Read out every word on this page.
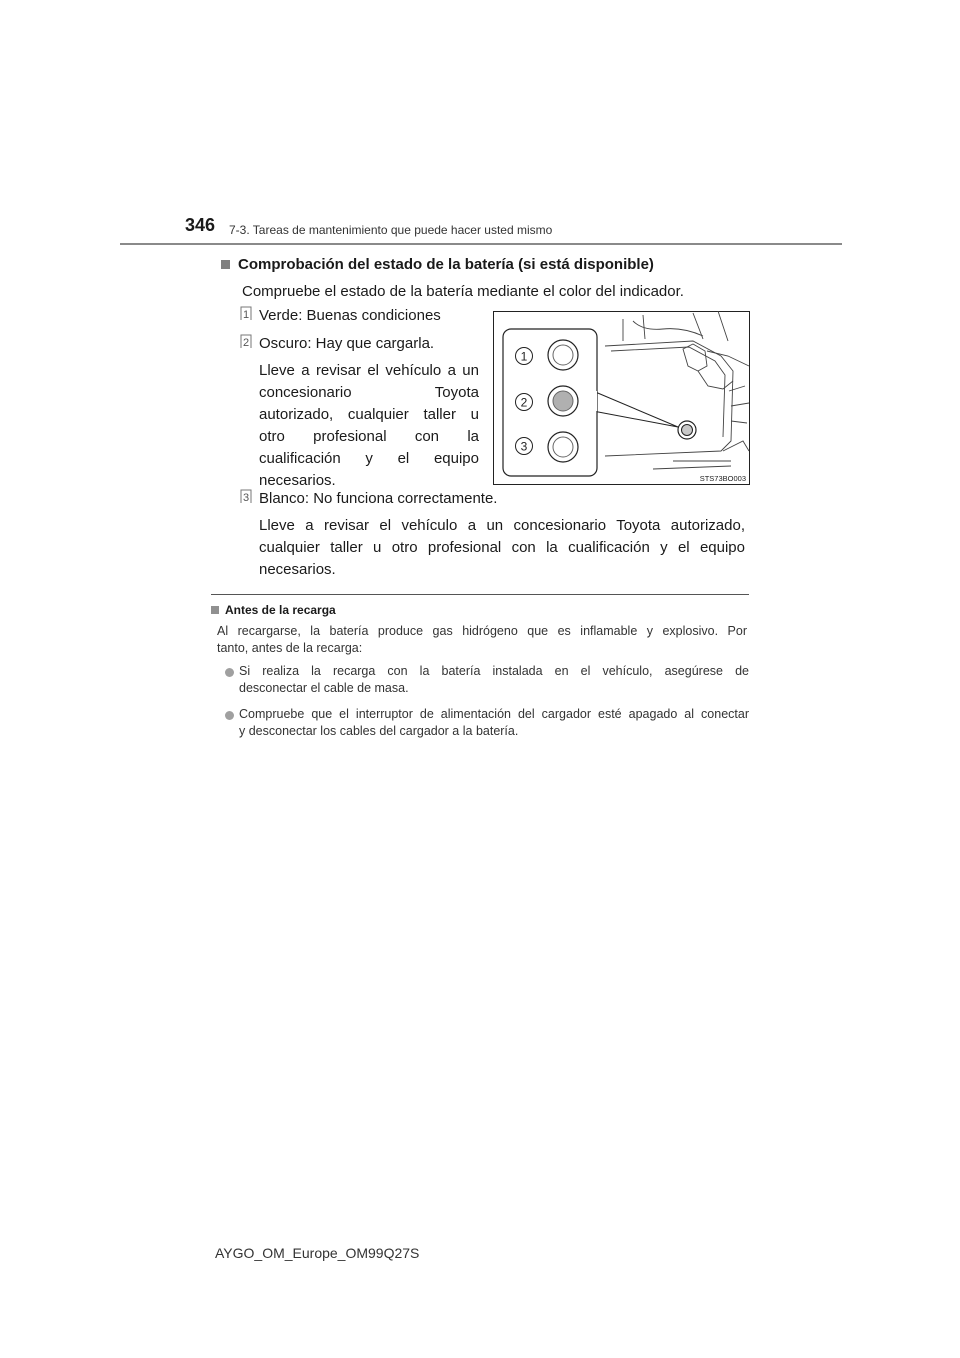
346 7-3. Tareas de mantenimiento que puede hacer usted mismo
Comprobación del estado de la batería (si está disponible)
Compruebe el estado de la batería mediante el color del indicador.
1 Verde: Buenas condiciones
2 Oscuro: Hay que cargarla.
Lleve a revisar el vehículo a un
concesionario Toyota
autorizado, cualquier taller u
otro profesional con la
cualificación y el equipo
necesarios.
3 Blanco: No funciona correctamente.
Lleve a revisar el vehículo a un concesionario Toyota autorizado,
cualquier taller u otro profesional con la cualificación y el equipo
necesarios.
1
2
3
STS73BO003
Antes de la recarga
Al recargarse, la batería produce gas hidrógeno que es inflamable y explosivo. Por
tanto, antes de la recarga:
Si realiza la recarga con la batería instalada en el vehículo, asegúrese de
desconectar el cable de masa.
Compruebe que el interruptor de alimentación del cargador esté apagado al conectar
y desconectar los cables del cargador a la batería.
AYGO_OM_Europe_OM99Q27S
